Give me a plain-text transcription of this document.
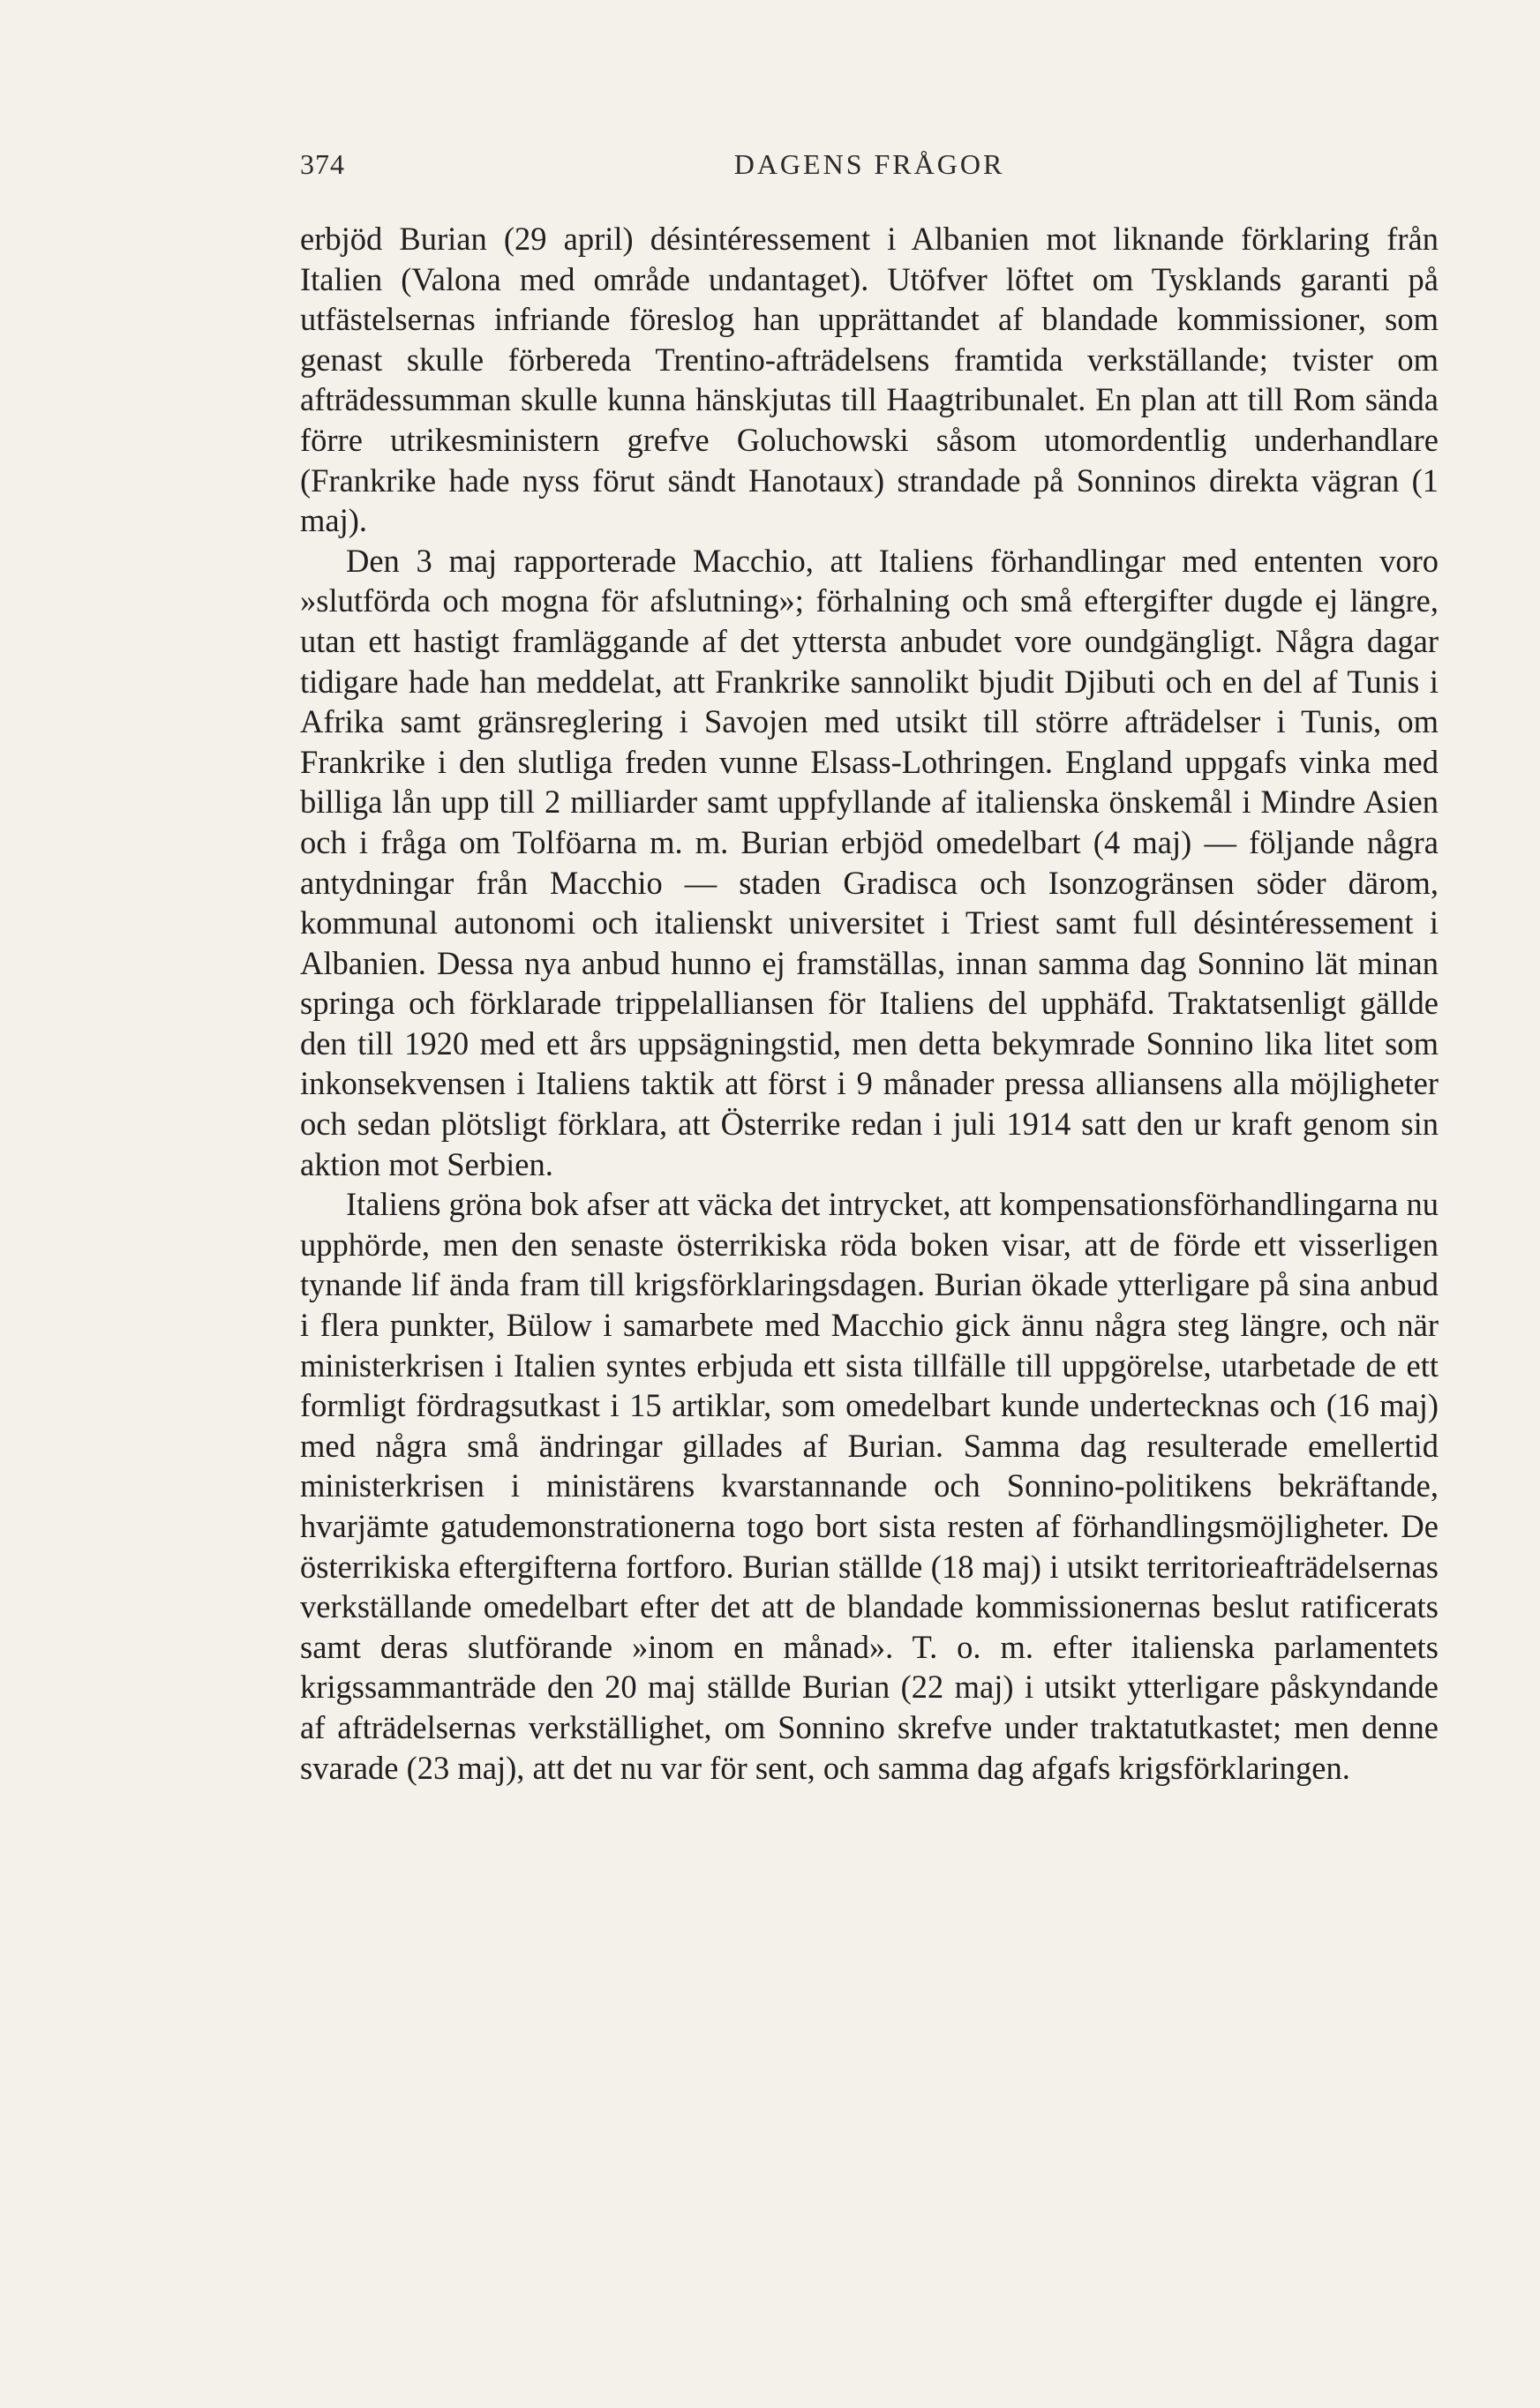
374	DAGENS FRÅGOR

erbjöd Burian (29 april) désintéressement i Albanien mot liknande förklaring från Italien (Valona med område undantaget). Utöfver löftet om Tysklands garanti på utfästelsernas infriande föreslog han upprättandet af blandade kommissioner, som genast skulle förbereda Trentino-afträdelsens framtida verkställande; tvister om afträdessumman skulle kunna hänskjutas till Haagtribunalet. En plan att till Rom sända förre utrikesministern grefve Goluchowski såsom utomordentlig underhandlare (Frankrike hade nyss förut sändt Hanotaux) strandade på Sonninos direkta vägran (1 maj).

Den 3 maj rapporterade Macchio, att Italiens förhandlingar med ententen voro »slutförda och mogna för afslutning»; förhalning och små eftergifter dugde ej längre, utan ett hastigt framläggande af det yttersta anbudet vore oundgängligt. Några dagar tidigare hade han meddelat, att Frankrike sannolikt bjudit Djibuti och en del af Tunis i Afrika samt gränsreglering i Savojen med utsikt till större afträdelser i Tunis, om Frankrike i den slutliga freden vunne Elsass-Lothringen. England uppgafs vinka med billiga lån upp till 2 milliarder samt uppfyllande af italienska önskemål i Mindre Asien och i fråga om Tolföarna m. m. Burian erbjöd omedelbart (4 maj) — följande några antydningar från Macchio — staden Gradisca och Isonzogränsen söder därom, kommunal autonomi och italienskt universitet i Triest samt full désintéressement i Albanien. Dessa nya anbud hunno ej framställas, innan samma dag Sonnino lät minan springa och förklarade trippelalliansen för Italiens del upphäfd. Traktatsenligt gällde den till 1920 med ett års uppsägningstid, men detta bekymrade Sonnino lika litet som inkonsekvensen i Italiens taktik att först i 9 månader pressa alliansens alla möjligheter och sedan plötsligt förklara, att Österrike redan i juli 1914 satt den ur kraft genom sin aktion mot Serbien.

Italiens gröna bok afser att väcka det intrycket, att kompensationsförhandlingarna nu upphörde, men den senaste österrikiska röda boken visar, att de förde ett visserligen tynande lif ända fram till krigsförklaringsdagen. Burian ökade ytterligare på sina anbud i flera punkter, Bülow i samarbete med Macchio gick ännu några steg längre, och när ministerkrisen i Italien syntes erbjuda ett sista tillfälle till uppgörelse, utarbetade de ett formligt fördragsutkast i 15 artiklar, som omedelbart kunde undertecknas och (16 maj) med några små ändringar gillades af Burian. Samma dag resulterade emellertid ministerkrisen i ministärens kvarstannande och Sonnino-politikens bekräftande, hvarjämte gatudemonstrationerna togo bort sista resten af förhandlingsmöjligheter. De österrikiska eftergifterna fortforo. Burian ställde (18 maj) i utsikt territorieafträdelsernas verkställande omedelbart efter det att de blandade kommissionernas beslut ratificerats samt deras slutförande »inom en månad». T. o. m. efter italienska parlamentets krigssammanträde den 20 maj ställde Burian (22 maj) i utsikt ytterligare påskyndande af afträdelsernas verkställighet, om Sonnino skrefve under traktatutkastet; men denne svarade (23 maj), att det nu var för sent, och samma dag afgafs krigsförklaringen.
